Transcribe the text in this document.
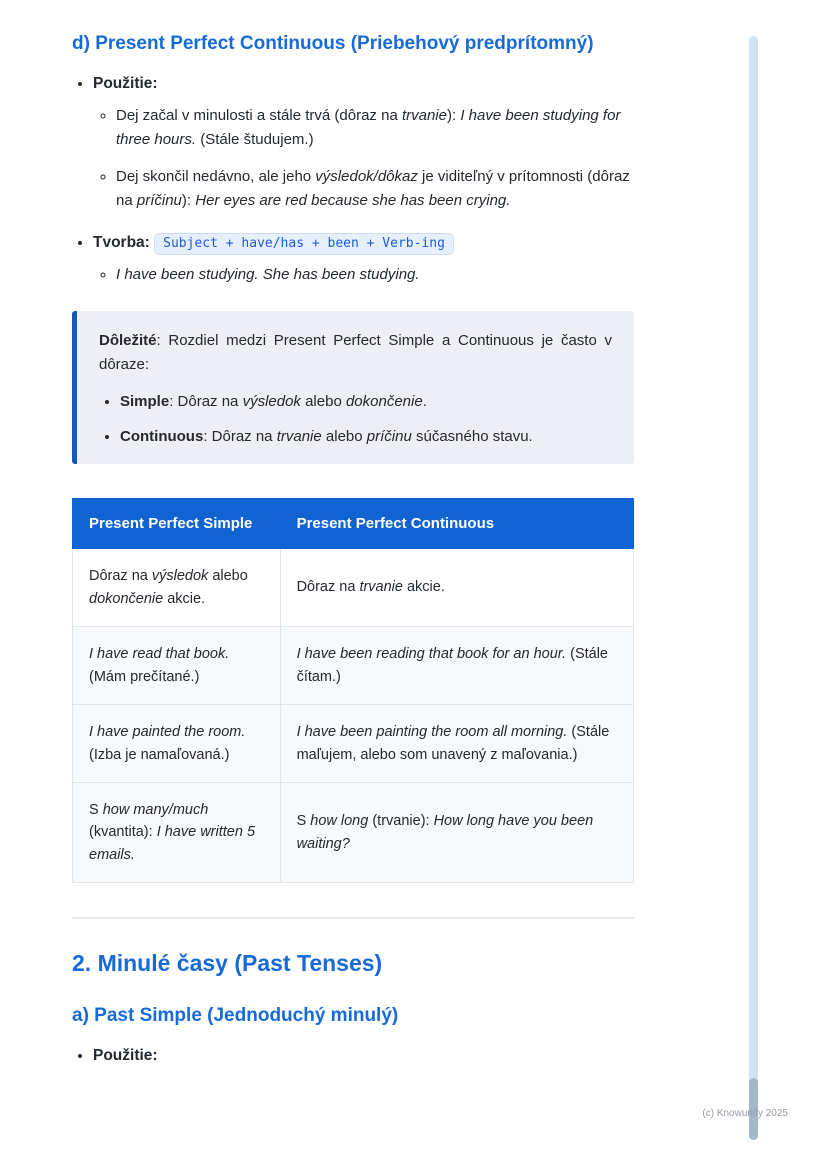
d) Present Perfect Continuous (Priebehový predprítomný)
• Použitie:
◦ Dej začal v minulosti a stále trvá (dôraz na trvanie): I have been studying for three hours. (Stále študujem.)
◦ Dej skončil nedávno, ale jeho výsledok/dôkaz je viditeľný v prítomnosti (dôraz na príčinu): Her eyes are red because she has been crying.
• Tvorba: Subject + have/has + been + Verb-ing
◦ I have been studying. She has been studying.

Dôležité: Rozdiel medzi Present Perfect Simple a Continuous je často v dôraze:

• Simple: Dôraz na výsledok alebo dokončenie.
• Continuous: Dôraz na trvanie alebo príčinu súčasného stavu.
Present Perfect Simple	Present Perfect Continuous
Dôraz na výsledok alebo dokončenie akcie.	Dôraz na trvanie akcie.
I have read that book. (Mám prečítané.)	I have been reading that book for an hour. (Stále čítam.)
I have painted the room. (Izba je namaľovaná.)	I have been painting the room all morning. (Stále maľujem, alebo som unavený z maľovania.)
S how many/much (kvantita): I have written 5 emails.	S how long (trvanie): How long have you been waiting?
2. Minulé časy (Past Tenses)
a) Past Simple (Jednoduchý minulý)
• Použitie:
(c) Knowunity 2025
